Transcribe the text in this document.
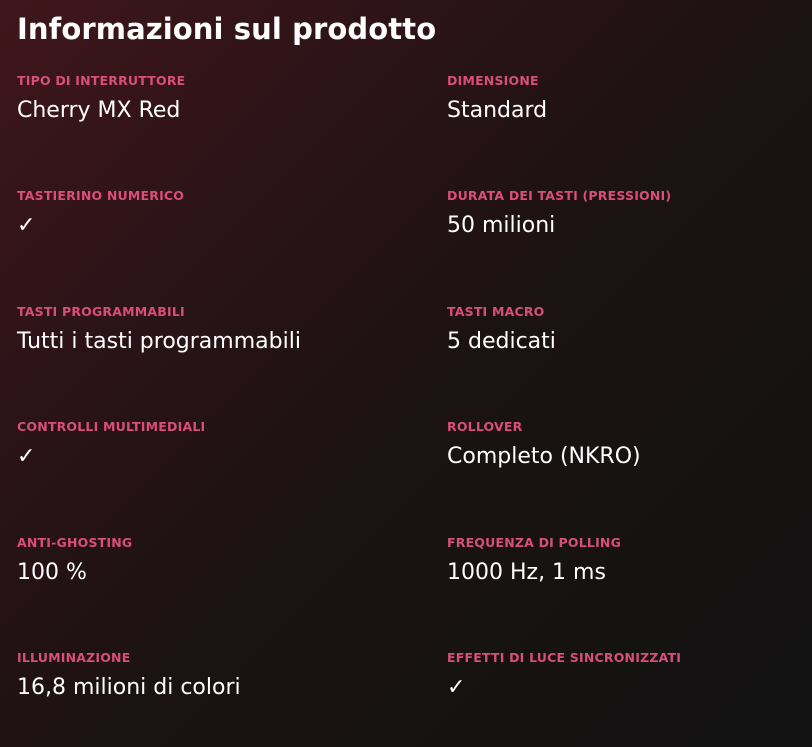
Informazioni sul prodotto
TIPO DI INTERRUTTORE
Cherry MX Red
DIMENSIONE
Standard
TASTIERINO NUMERICO
✓
DURATA DEI TASTI (PRESSIONI)
50 milioni
TASTI PROGRAMMABILI
Tutti i tasti programmabili
TASTI MACRO
5 dedicati
CONTROLLI MULTIMEDIALI
✓
ROLLOVER
Completo (NKRO)
ANTI-GHOSTING
100 %
FREQUENZA DI POLLING
1000 Hz, 1 ms
ILLUMINAZIONE
16,8 milioni di colori
EFFETTI DI LUCE SINCRONIZZATI
✓
